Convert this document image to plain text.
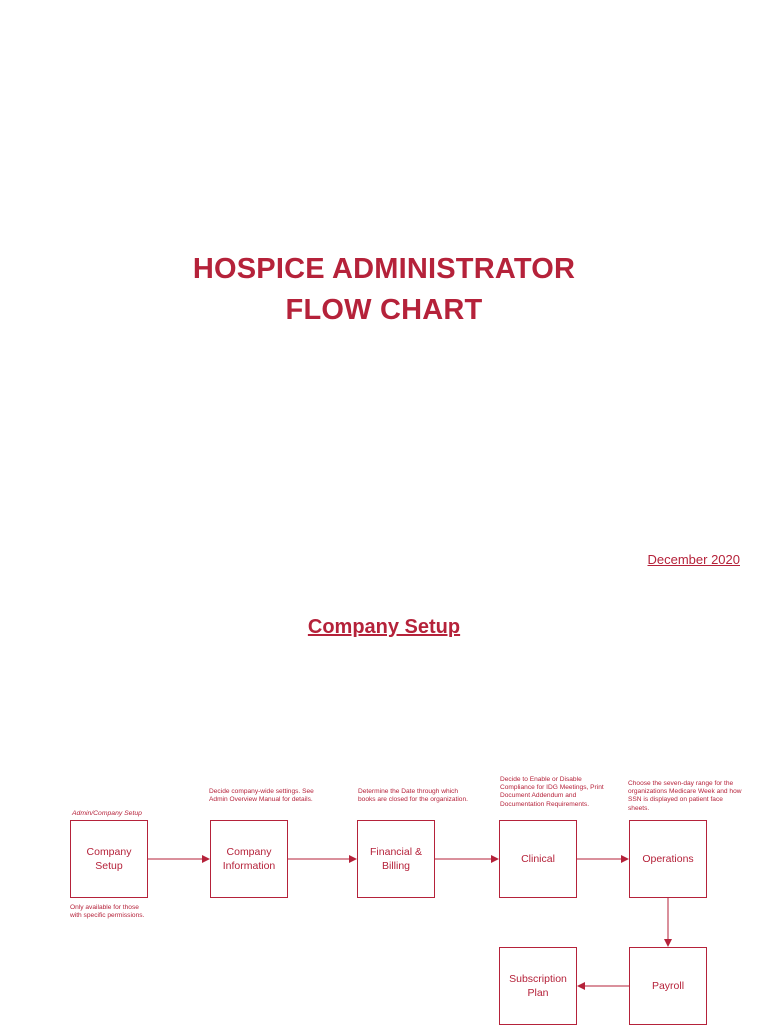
HOSPICE ADMINISTRATOR
FLOW CHART
December 2020
Company Setup
Admin/Company Setup
Decide company-wide settings. See Admin Overview Manual for details.
Determine the Date through which books are closed for the organization.
Decide to Enable or Disable Compliance for IDG Meetings, Print Document Addendum and Documentation Requirements.
Choose the seven-day range for the organizations Medicare Week and how SSN is displayed on patient face sheets.
Only available for those with specific permissions.
Company
Setup
Company
Information
Financial &
Billing
Clinical	Operations
Payroll
Subscription
Plan
